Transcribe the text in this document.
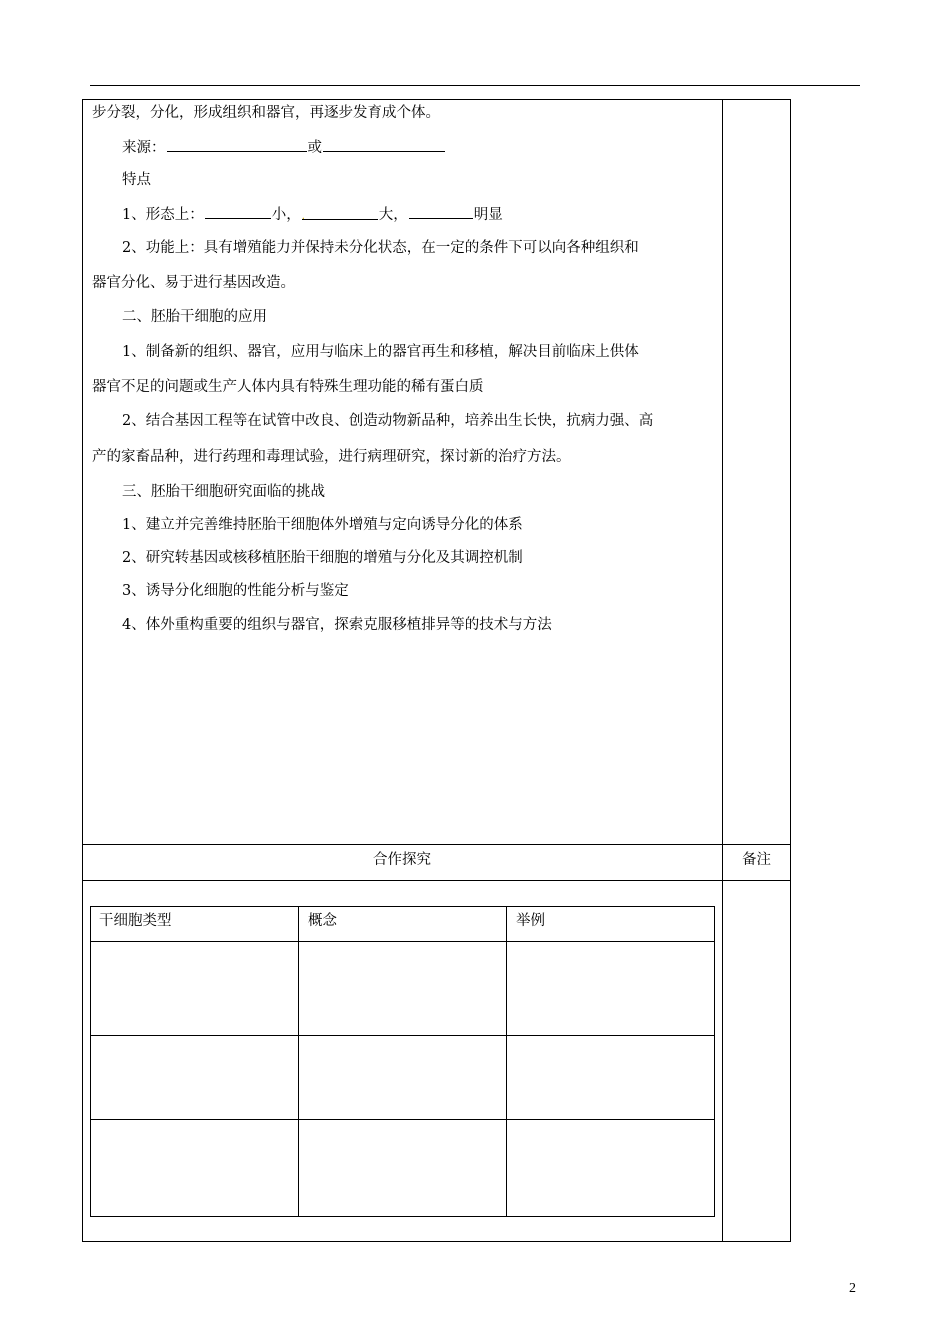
步分裂，分化，形成组织和器官，再逐步发育成个体。
来源：	或
特点
1、形态上：	小，.	大，	明显
2、功能上：具有增殖能力并保持未分化状态，在一定的条件下可以向各种组织和
器官分化、易于进行基因改造。
二、胚胎干细胞的应用
1、制备新的组织、器官，应用与临床上的器官再生和移植，解决目前临床上供体
器官不足的问题或生产人体内具有特殊生理功能的稀有蛋白质
2、结合基因工程等在试管中改良、创造动物新品种，培养出生长快，抗病力强、高
产的家畜品种，进行药理和毒理试验，进行病理研究，探讨新的治疗方法。
三、胚胎干细胞研究面临的挑战
1、建立并完善维持胚胎干细胞体外增殖与定向诱导分化的体系
2、研究转基因或核移植胚胎干细胞的增殖与分化及其调控机制
3、诱导分化细胞的性能分析与鉴定
4、体外重构重要的组织与器官，探索克服移植排异等的技术与方法
合作探究	备注
干细胞类型	概念	举例
2
